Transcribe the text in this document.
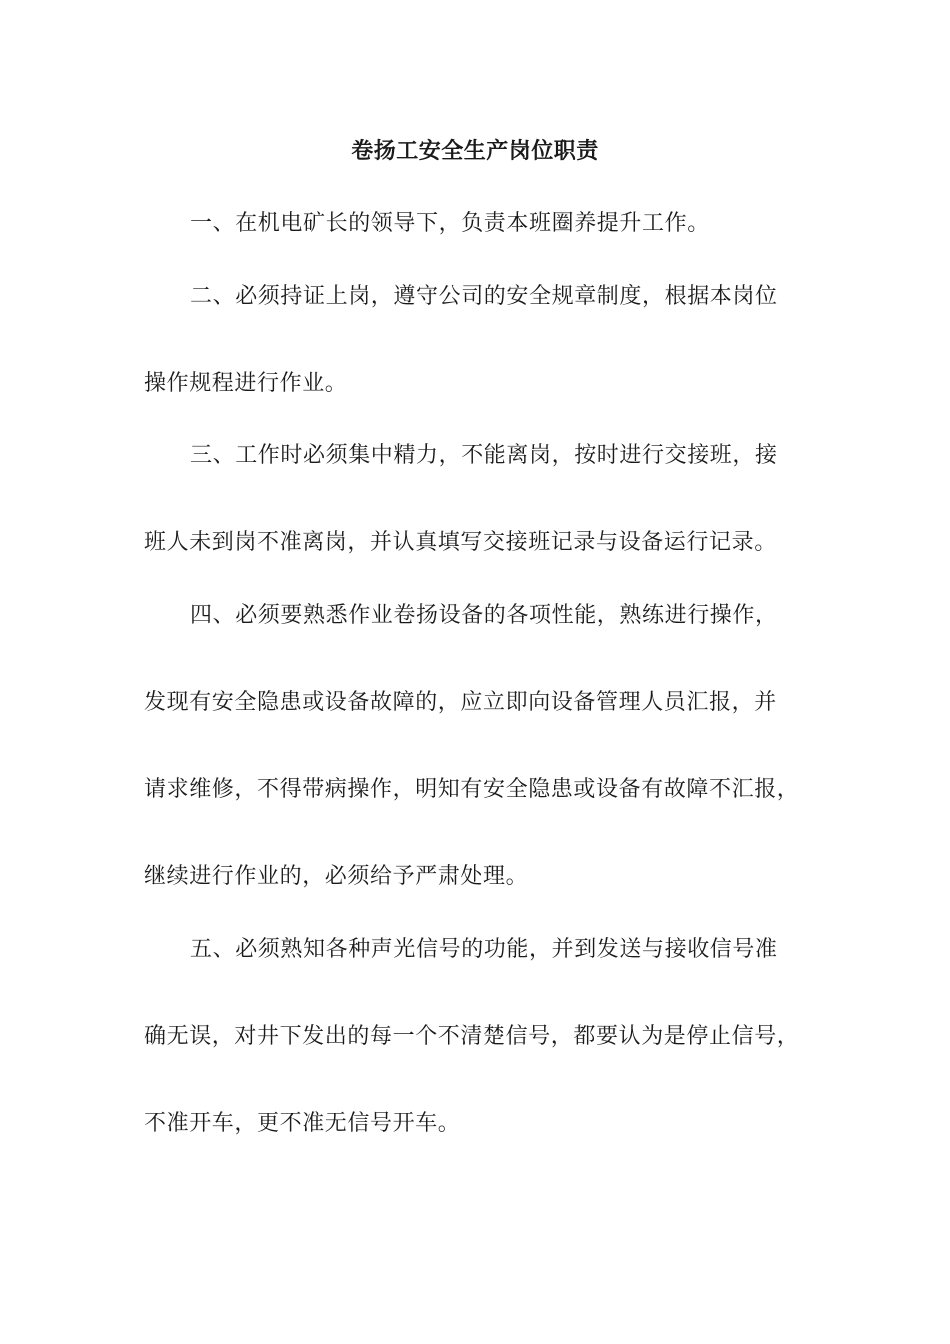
卷扬工安全生产岗位职责
一、在机电矿长的领导下，负责本班圈养提升工作。
二、必须持证上岗，遵守公司的安全规章制度，根据本岗位
操作规程进行作业。
三、工作时必须集中精力，不能离岗，按时进行交接班，接
班人未到岗不准离岗，并认真填写交接班记录与设备运行记录。
四、必须要熟悉作业卷扬设备的各项性能，熟练进行操作，
发现有安全隐患或设备故障的，应立即向设备管理人员汇报，并
请求维修，不得带病操作，明知有安全隐患或设备有故障不汇报，
继续进行作业的，必须给予严肃处理。
五、必须熟知各种声光信号的功能，并到发送与接收信号准
确无误，对井下发出的每一个不清楚信号，都要认为是停止信号，
不准开车，更不准无信号开车。
